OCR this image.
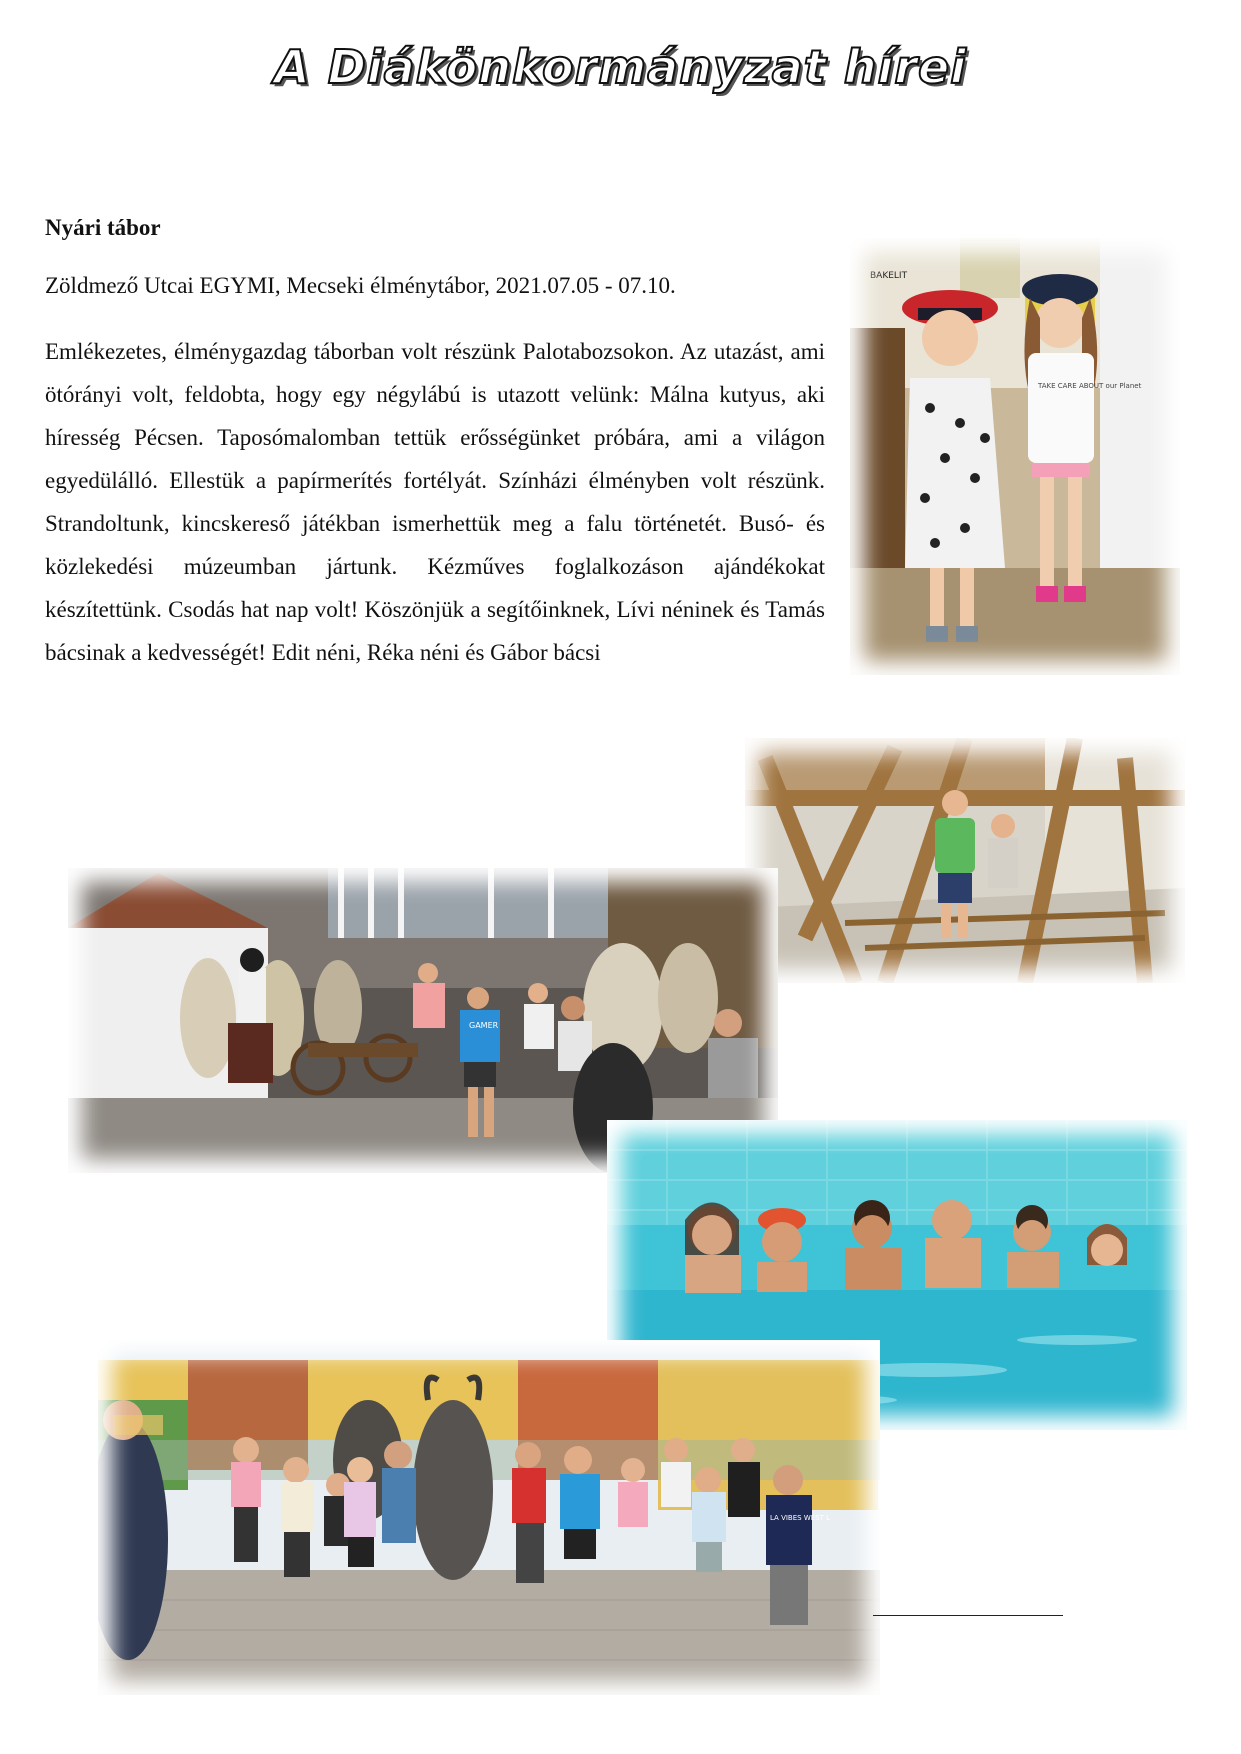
A Diákönkormányzat hírei
Nyári tábor
Zöldmező Utcai EGYMI, Mecseki élménytábor, 2021.07.05 - 07.10.
Emlékezetes, élménygazdag táborban volt részünk Palotabozsokon. Az utazást, ami ötórányi volt, feldobta, hogy egy négylábú is utazott velünk: Málna kutyus, aki híresség Pécsen. Taposómalomban tettük erősségünket próbára, ami a világon egyedülálló. Ellestük a papírmerítés fortélyát. Színházi élményben volt részünk. Strandoltunk, kincskereső játékban ismerhettük meg a falu történetét. Busó- és közlekedési múzeumban jártunk. Kézműves foglalkozáson ajándékokat készítettünk. Csodás hat nap volt! Köszönjük a segítőinknek, Lívi néninek és Tamás bácsinak a kedvességét! Edit néni, Réka néni és Gábor bácsi
TAKE CARE ABOUT our Planet
BAKELIT
GAMER
LA VIBES WEST L
